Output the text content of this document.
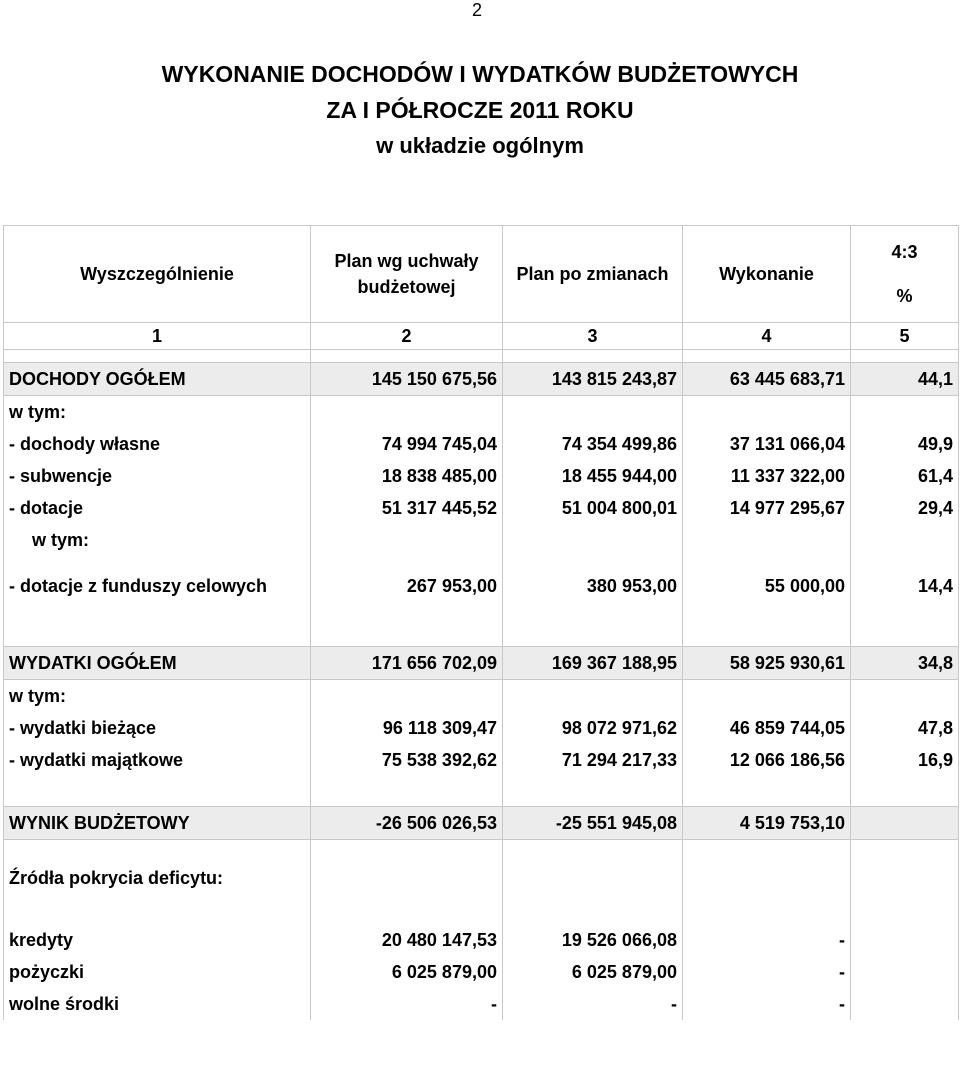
2
WYKONANIE DOCHODÓW I WYDATKÓW BUDŻETOWYCH
ZA I PÓŁROCZE 2011 ROKU
w układzie ogólnym
Wyszczególnienie	Plan wg uchwały budżetowej	Plan po zmianach	Wykonanie	4:3
%

1	2	3	4	5

DOCHODY OGÓŁEM	145 150 675,56	143 815 243,87	63 445 683,71	44,1
w tym:				
- dochody własne	74 994 745,04	74 354 499,86	37 131 066,04	49,9
- subwencje	18 838 485,00	18 455 944,00	11 337 322,00	61,4
- dotacje	51 317 445,52	51 004 800,01	14 977 295,67	29,4
w tym:				
- dotacje z funduszy celowych	267 953,00	380 953,00	55 000,00	14,4

WYDATKI OGÓŁEM	171 656 702,09	169 367 188,95	58 925 930,61	34,8
w tym:				
- wydatki bieżące	96 118 309,47	98 072 971,62	46 859 744,05	47,8
- wydatki majątkowe	75 538 392,62	71 294 217,33	12 066 186,56	16,9

WYNIK BUDŻETOWY	-26 506 026,53	-25 551 945,08	4 519 753,10	

Źródła pokrycia deficytu:				

kredyty	20 480 147,53	19 526 066,08	-	
pożyczki	6 025 879,00	6 025 879,00	-	
wolne środki	-	-	-	
